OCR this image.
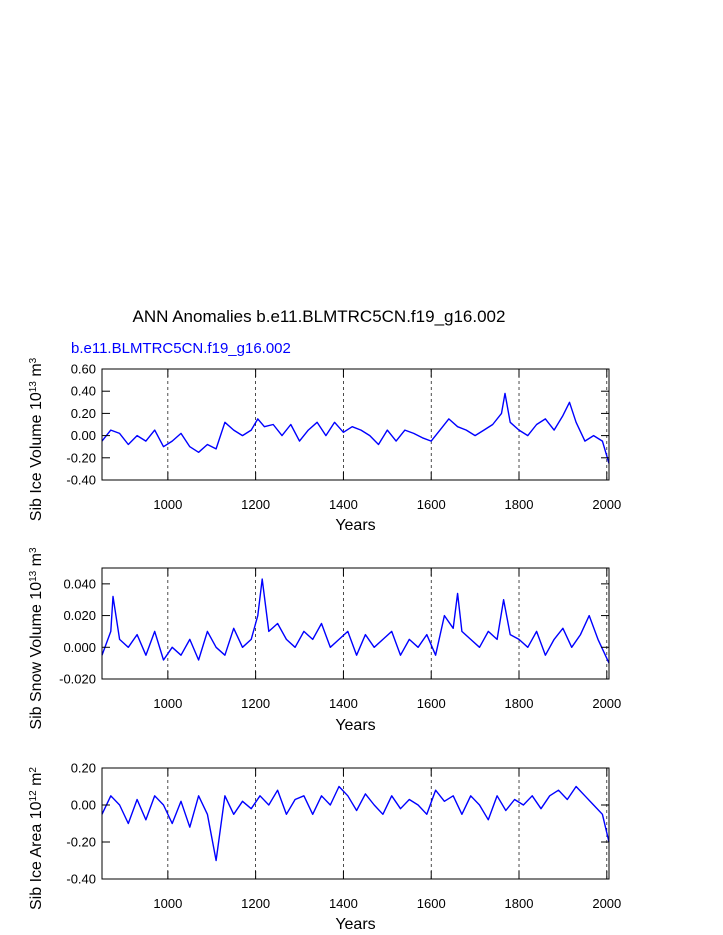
ANN Anomalies b.e11.BLMTRC5CN.f19_g16.002
b.e11.BLMTRC5CN.f19_g16.002
1000	1200	1400	1600	1800	2000
-0.40
-0.20
0.00
0.20
0.40
0.60
Years
Sib Ice Volume $10^{13}$ $m^3$
1000	1200	1400	1600	1800	2000
-0.020
0.000
0.020
0.040
Years
Sib Snow Volume $10^{13}$ $m^3$
1000	1200	1400	1600	1800	2000
-0.40
-0.20
0.00
0.20
Years
Sib Ice Area $10^{12}$ $m^2$
